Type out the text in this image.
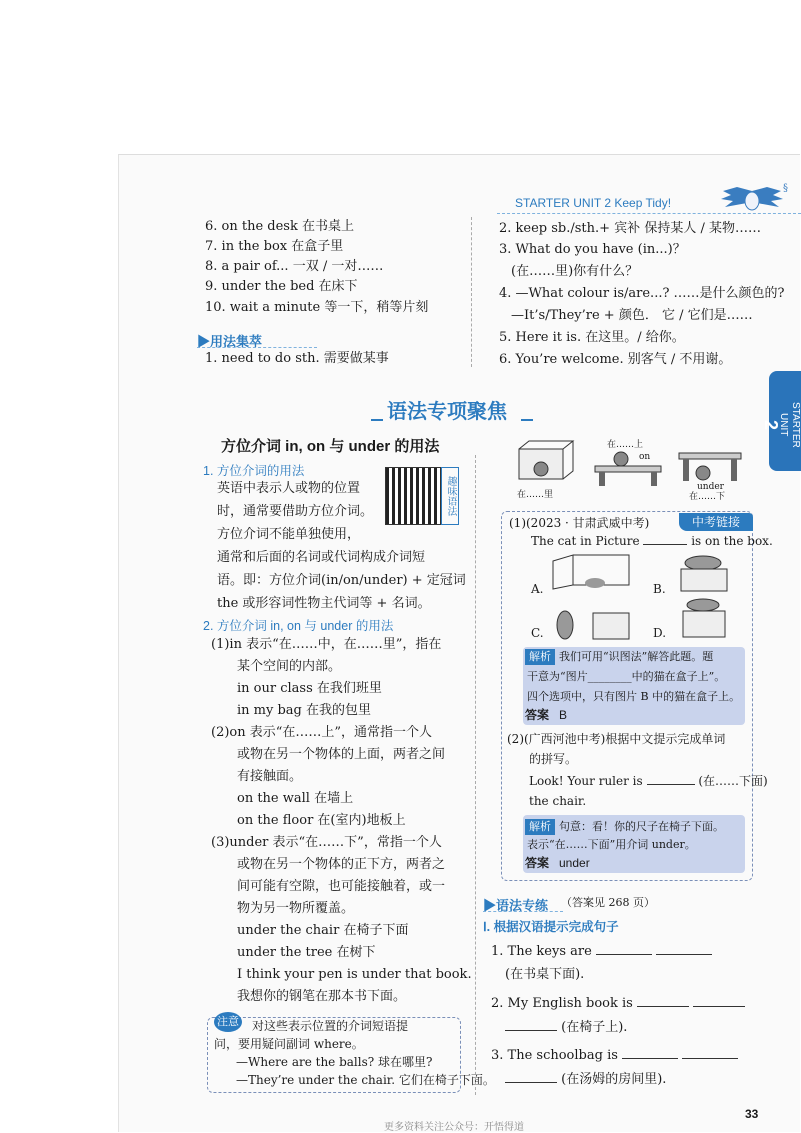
STARTER UNIT 2 Keep Tidy!
§
6. on the desk 在书桌上
7. in the box 在盒子里
8. a pair of... 一双 / 一对……
9. under the bed 在床下
10. wait a minute 等一下，稍等片刻
▶用法集萃
1. need to do sth. 需要做某事
2. keep sb./sth.+ 宾补 保持某人 / 某物……
3. What do you have (in...)？
(在……里)你有什么？
4. —What colour is/are...? ……是什么颜色的?
—It’s/They’re + 颜色． 它 / 它们是……
5. Here it is. 在这里。/ 给你。
6. You’re welcome. 别客气 / 不用谢。
STARTER
UNIT
2
语法专项聚焦
方位介词 in, on 与 under 的用法
1. 方位介词的用法
英语中表示人或物的位置
时，通常要借助方位介词。
方位介词不能单独使用，
通常和后面的名词或代词构成介词短
语。即：方位介词(in/on/under) + 定冠词
the 或形容词性物主代词等 + 名词。
趣味语法
2. 方位介词 in, on 与 under 的用法
(1)in 表示“在……中，在……里”，指在
某个空间的内部。
in our class 在我们班里
in my bag 在我的包里
(2)on 表示“在……上”，通常指一个人
或物在另一个物体的上面，两者之间
有接触面。
on the wall 在墙上
on the floor 在(室内)地板上
(3)under 表示“在……下”，常指一个人
或物在另一个物体的正下方，两者之
间可能有空隙，也可能接触着，或一
物为另一物所覆盖。
under the chair 在椅子下面
under the tree 在树下
I think your pen is under that book.
我想你的钢笔在那本书下面。
注意 对这些表示位置的介词短语提
问，要用疑问副词 where。
—Where are the balls? 球在哪里?
—They’re under the chair. 它们在椅子下面。
在……里
在……上
on
under
在……下
中考链接
(1)(2023 · 甘肃武威中考)
The cat in Picture	is on the box.
A.	B.
C.	D.
解析 我们可用“识图法”解答此题。题
干意为“图片________中的猫在盒子上”。
四个选项中，只有图片 B 中的猫在盒子上。
答案 B
(2)(广西河池中考)根据中文提示完成单词
的拼写。
Look! Your ruler is	(在……下面)
the chair.
解析 句意：看！你的尺子在椅子下面。
表示“在……下面”用介词 under。
答案 under
▶语法专练 （答案见 268 页）
Ⅰ. 根据汉语提示完成句子
1. The keys are
(在书桌下面).
2. My English book is
(在椅子上).
3. The schoolbag is
(在汤姆的房间里).
33
更多资料关注公众号：开悟得道
